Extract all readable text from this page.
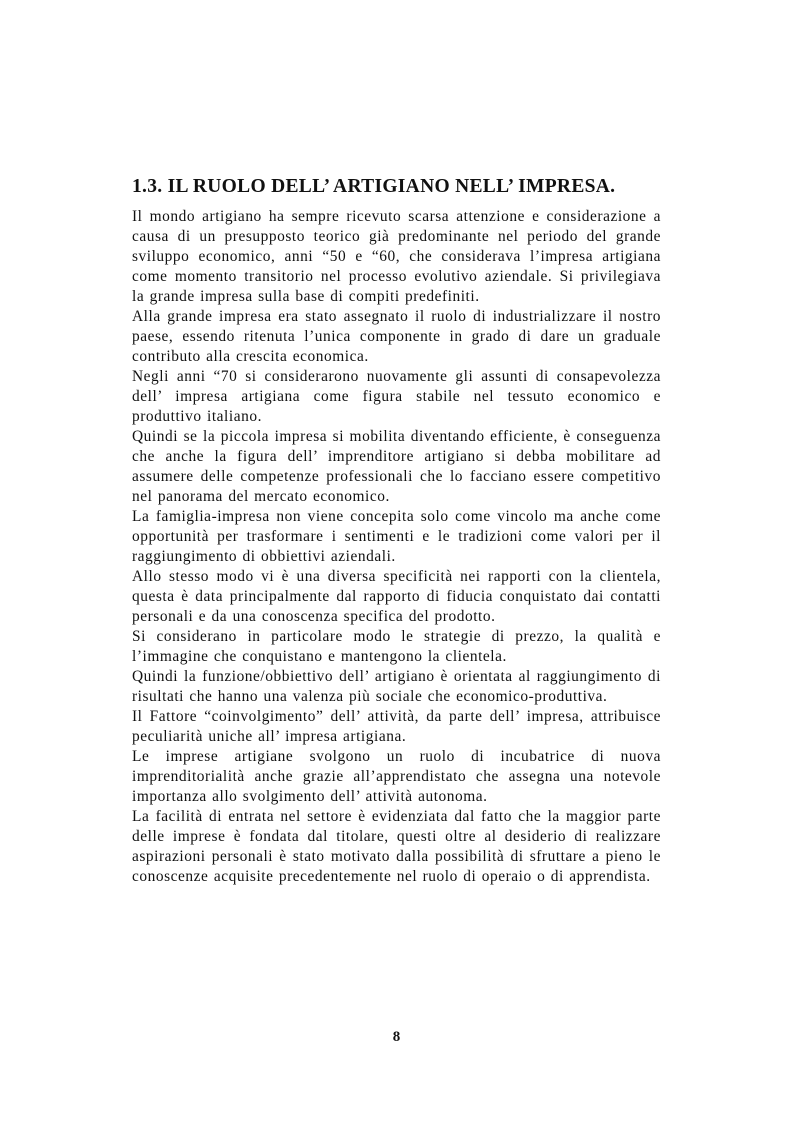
1.3. IL RUOLO DELL’ ARTIGIANO NELL’ IMPRESA.

Il mondo artigiano ha sempre ricevuto scarsa attenzione e considerazione a causa di un presupposto teorico già predominante nel periodo del grande sviluppo economico, anni “50 e “60, che considerava l’impresa artigiana come momento transitorio nel processo evolutivo aziendale. Si privilegiava la grande impresa sulla base di compiti predefiniti.

Alla grande impresa era stato assegnato il ruolo di industrializzare il nostro paese, essendo ritenuta l’unica componente in grado di dare un graduale contributo alla crescita economica.

Negli anni “70 si considerarono nuovamente gli assunti di consapevolezza dell’ impresa artigiana come figura stabile nel tessuto economico e produttivo italiano.

Quindi se la piccola impresa si mobilita diventando efficiente, è conseguenza che anche la figura dell’ imprenditore artigiano si debba mobilitare ad assumere delle competenze professionali che lo facciano essere competitivo nel panorama del mercato economico.

La famiglia-impresa non viene concepita solo come vincolo ma anche come opportunità per trasformare i sentimenti e le tradizioni come valori per il raggiungimento di obbiettivi aziendali.

Allo stesso modo vi è una diversa specificità nei rapporti con la clientela, questa è data principalmente dal rapporto di fiducia conquistato dai contatti personali e da una conoscenza specifica del prodotto.

Si considerano in particolare modo le strategie di prezzo, la qualità e l’immagine che conquistano e mantengono la clientela.

Quindi la funzione/obbiettivo dell’ artigiano è orientata al raggiungimento di risultati che hanno una valenza più sociale che economico-produttiva.

Il Fattore “coinvolgimento” dell’ attività, da parte dell’ impresa, attribuisce peculiarità uniche all’ impresa artigiana.

Le imprese artigiane svolgono un ruolo di incubatrice di nuova imprenditorialità anche grazie all’apprendistato che assegna una notevole importanza allo svolgimento dell’ attività autonoma.

La facilità di entrata nel settore è evidenziata dal fatto che la maggior parte delle imprese è fondata dal titolare, questi oltre al desiderio di realizzare aspirazioni personali è stato motivato dalla possibilità di sfruttare a pieno le conoscenze acquisite precedentemente nel ruolo di operaio o di apprendista.

8
